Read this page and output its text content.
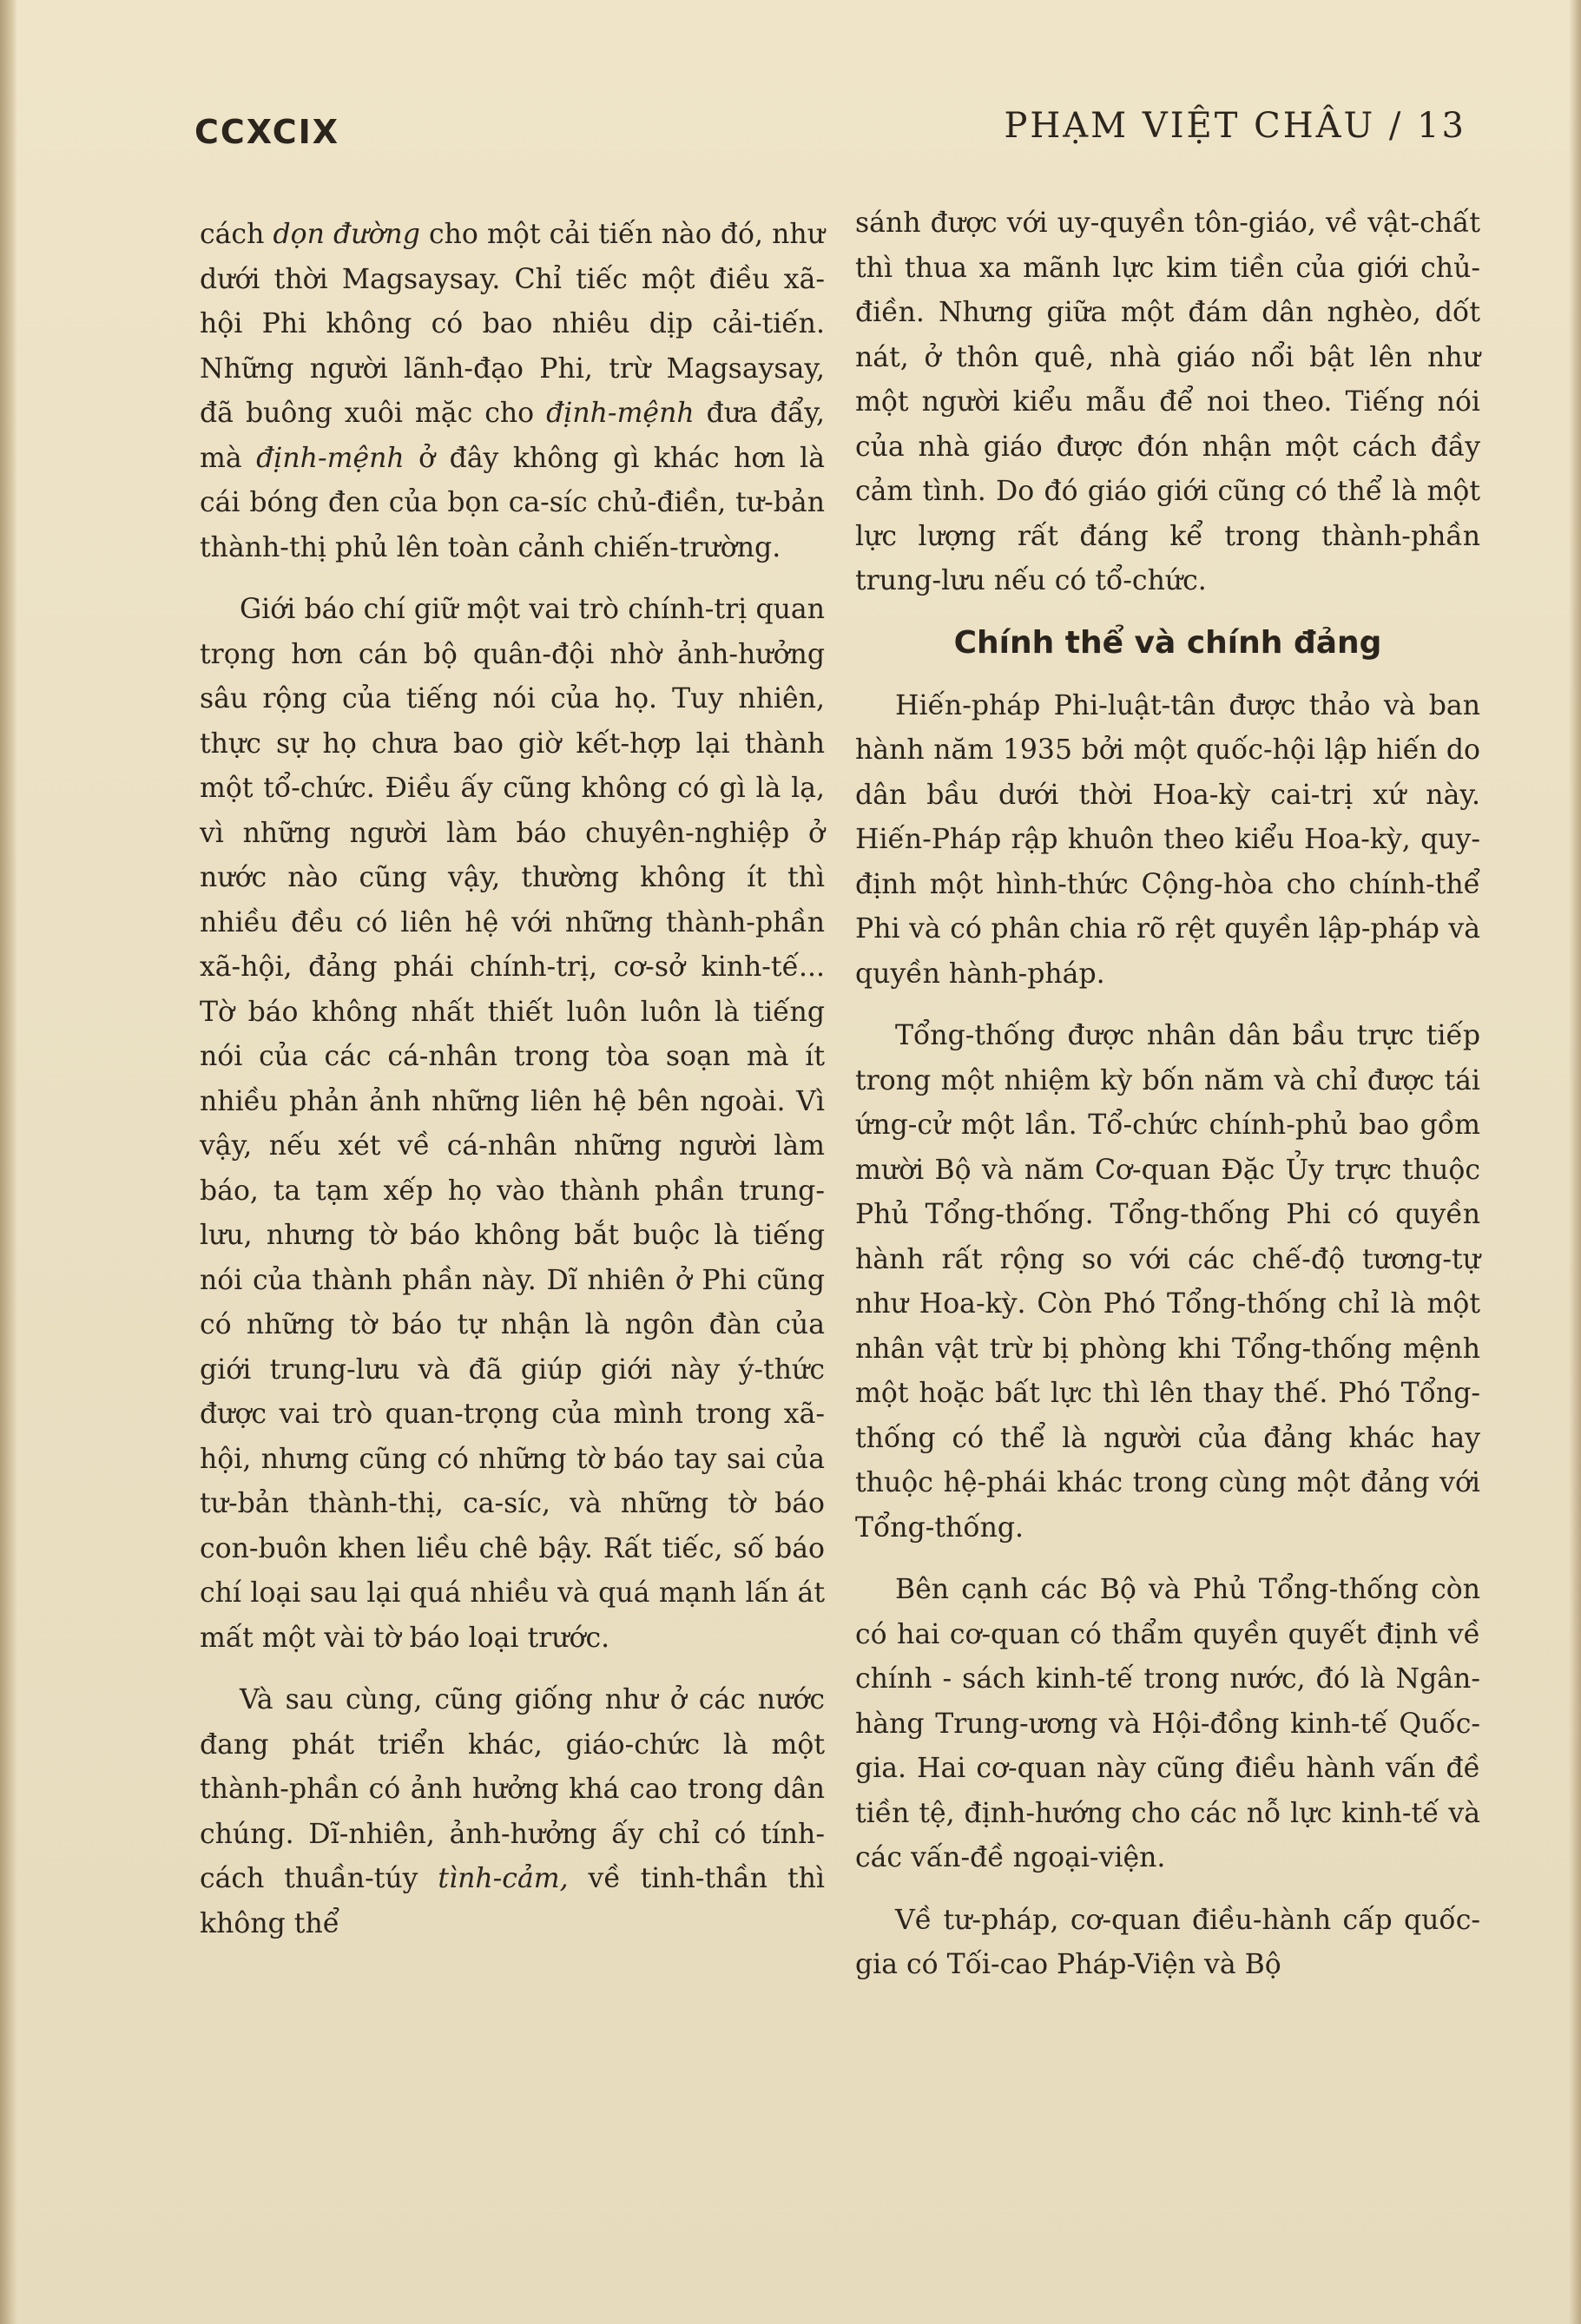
CCXCIX	PHẠM VIỆT CHÂU / 13

cách dọn đường cho một cải tiến nào đó, như dưới thời Magsaysay. Chỉ tiếc một điều xã-hội Phi không có bao nhiêu dịp cải-tiến. Những người lãnh-đạo Phi, trừ Magsaysay, đã buông xuôi mặc cho định-mệnh đưa đẩy, mà định-mệnh ở đây không gì khác hơn là cái bóng đen của bọn ca-síc chủ-điền, tư-bản thành-thị phủ lên toàn cảnh chiến-trường.

Giới báo chí giữ một vai trò chính-trị quan trọng hơn cán bộ quân-đội nhờ ảnh-hưởng sâu rộng của tiếng nói của họ. Tuy nhiên, thực sự họ chưa bao giờ kết-hợp lại thành một tổ-chức. Điều ấy cũng không có gì là lạ, vì những người làm báo chuyên-nghiệp ở nước nào cũng vậy, thường không ít thì nhiều đều có liên hệ với những thành-phần xã-hội, đảng phái chính-trị, cơ-sở kinh-tế... Tờ báo không nhất thiết luôn luôn là tiếng nói của các cá-nhân trong tòa soạn mà ít nhiều phản ảnh những liên hệ bên ngoài. Vì vậy, nếu xét về cá-nhân những người làm báo, ta tạm xếp họ vào thành phần trung-lưu, nhưng tờ báo không bắt buộc là tiếng nói của thành phần này. Dĩ nhiên ở Phi cũng có những tờ báo tự nhận là ngôn đàn của giới trung-lưu và đã giúp giới này ý-thức được vai trò quan-trọng của mình trong xã-hội, nhưng cũng có những tờ báo tay sai của tư-bản thành-thị, ca-síc, và những tờ báo con-buôn khen liều chê bậy. Rất tiếc, số báo chí loại sau lại quá nhiều và quá mạnh lấn át mất một vài tờ báo loại trước.

Và sau cùng, cũng giống như ở các nước đang phát triển khác, giáo-chức là một thành-phần có ảnh hưởng khá cao trong dân chúng. Dĩ-nhiên, ảnh-hưởng ấy chỉ có tính-cách thuần-túy tình-cảm, về tinh-thần thì không thể

sánh được với uy-quyền tôn-giáo, về vật-chất thì thua xa mãnh lực kim tiền của giới chủ-điền. Nhưng giữa một đám dân nghèo, dốt nát, ở thôn quê, nhà giáo nổi bật lên như một người kiểu mẫu để noi theo. Tiếng nói của nhà giáo được đón nhận một cách đầy cảm tình. Do đó giáo giới cũng có thể là một lực lượng rất đáng kể trong thành-phần trung-lưu nếu có tổ-chức.

Chính thể và chính đảng

Hiến-pháp Phi-luật-tân được thảo và ban hành năm 1935 bởi một quốc-hội lập hiến do dân bầu dưới thời Hoa-kỳ cai-trị xứ này. Hiến-Pháp rập khuôn theo kiểu Hoa-kỳ, quy-định một hình-thức Cộng-hòa cho chính-thể Phi và có phân chia rõ rệt quyền lập-pháp và quyền hành-pháp.

Tổng-thống được nhân dân bầu trực tiếp trong một nhiệm kỳ bốn năm và chỉ được tái ứng-cử một lần. Tổ-chức chính-phủ bao gồm mười Bộ và năm Cơ-quan Đặc Ủy trực thuộc Phủ Tổng-thống. Tổng-thống Phi có quyền hành rất rộng so với các chế-độ tương-tự như Hoa-kỳ. Còn Phó Tổng-thống chỉ là một nhân vật trừ bị phòng khi Tổng-thống mệnh một hoặc bất lực thì lên thay thế. Phó Tổng-thống có thể là người của đảng khác hay thuộc hệ-phái khác trong cùng một đảng với Tổng-thống.

Bên cạnh các Bộ và Phủ Tổng-thống còn có hai cơ-quan có thẩm quyền quyết định về chính - sách kinh-tế trong nước, đó là Ngân-hàng Trung-ương và Hội-đồng kinh-tế Quốc-gia. Hai cơ-quan này cũng điều hành vấn đề tiền tệ, định-hướng cho các nỗ lực kinh-tế và các vấn-đề ngoại-viện.

Về tư-pháp, cơ-quan điều-hành cấp quốc-gia có Tối-cao Pháp-Viện và Bộ
